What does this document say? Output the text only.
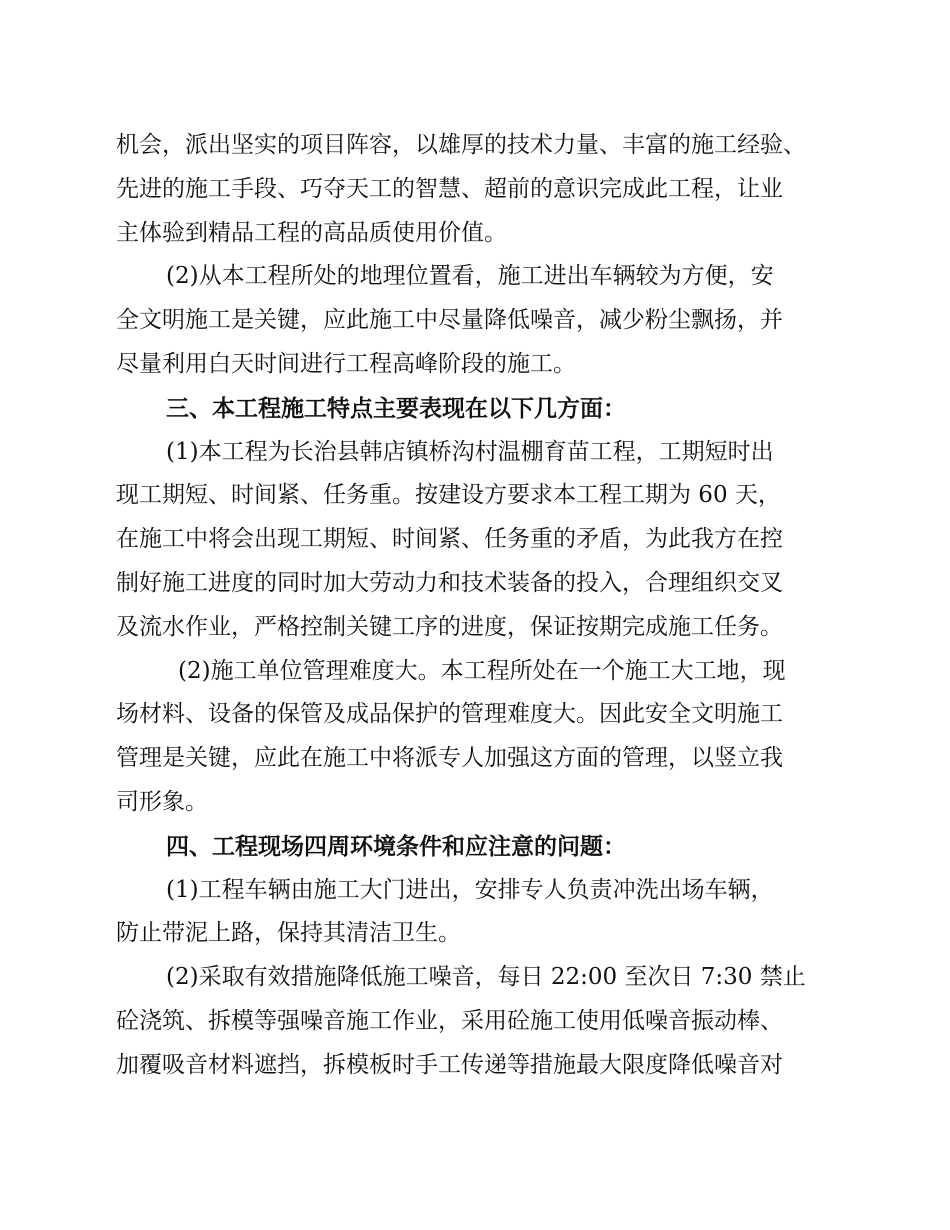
机会，派出坚实的项目阵容，以雄厚的技术力量、丰富的施工经验、
先进的施工手段、巧夺天工的智慧、超前的意识完成此工程，让业
主体验到精品工程的高品质使用价值。
(2)从本工程所处的地理位置看，施工进出车辆较为方便，安
全文明施工是关键，应此施工中尽量降低噪音，减少粉尘飘扬，并
尽量利用白天时间进行工程高峰阶段的施工。
三、本工程施工特点主要表现在以下几方面：
(1)本工程为长治县韩店镇桥沟村温棚育苗工程，工期短时出
现工期短、时间紧、任务重。按建设方要求本工程工期为 60 天，
在施工中将会出现工期短、时间紧、任务重的矛盾，为此我方在控
制好施工进度的同时加大劳动力和技术装备的投入，合理组织交叉
及流水作业，严格控制关键工序的进度，保证按期完成施工任务。
(2)施工单位管理难度大。本工程所处在一个施工大工地，现
场材料、设备的保管及成品保护的管理难度大。因此安全文明施工
管理是关键，应此在施工中将派专人加强这方面的管理，以竖立我
司形象。
四、工程现场四周环境条件和应注意的问题：
(1)工程车辆由施工大门进出，安排专人负责冲洗出场车辆，
防止带泥上路，保持其清洁卫生。
(2)采取有效措施降低施工噪音，每日 22:00 至次日 7:30 禁止
砼浇筑、拆模等强噪音施工作业，采用砼施工使用低噪音振动棒、
加覆吸音材料遮挡，拆模板时手工传递等措施最大限度降低噪音对
